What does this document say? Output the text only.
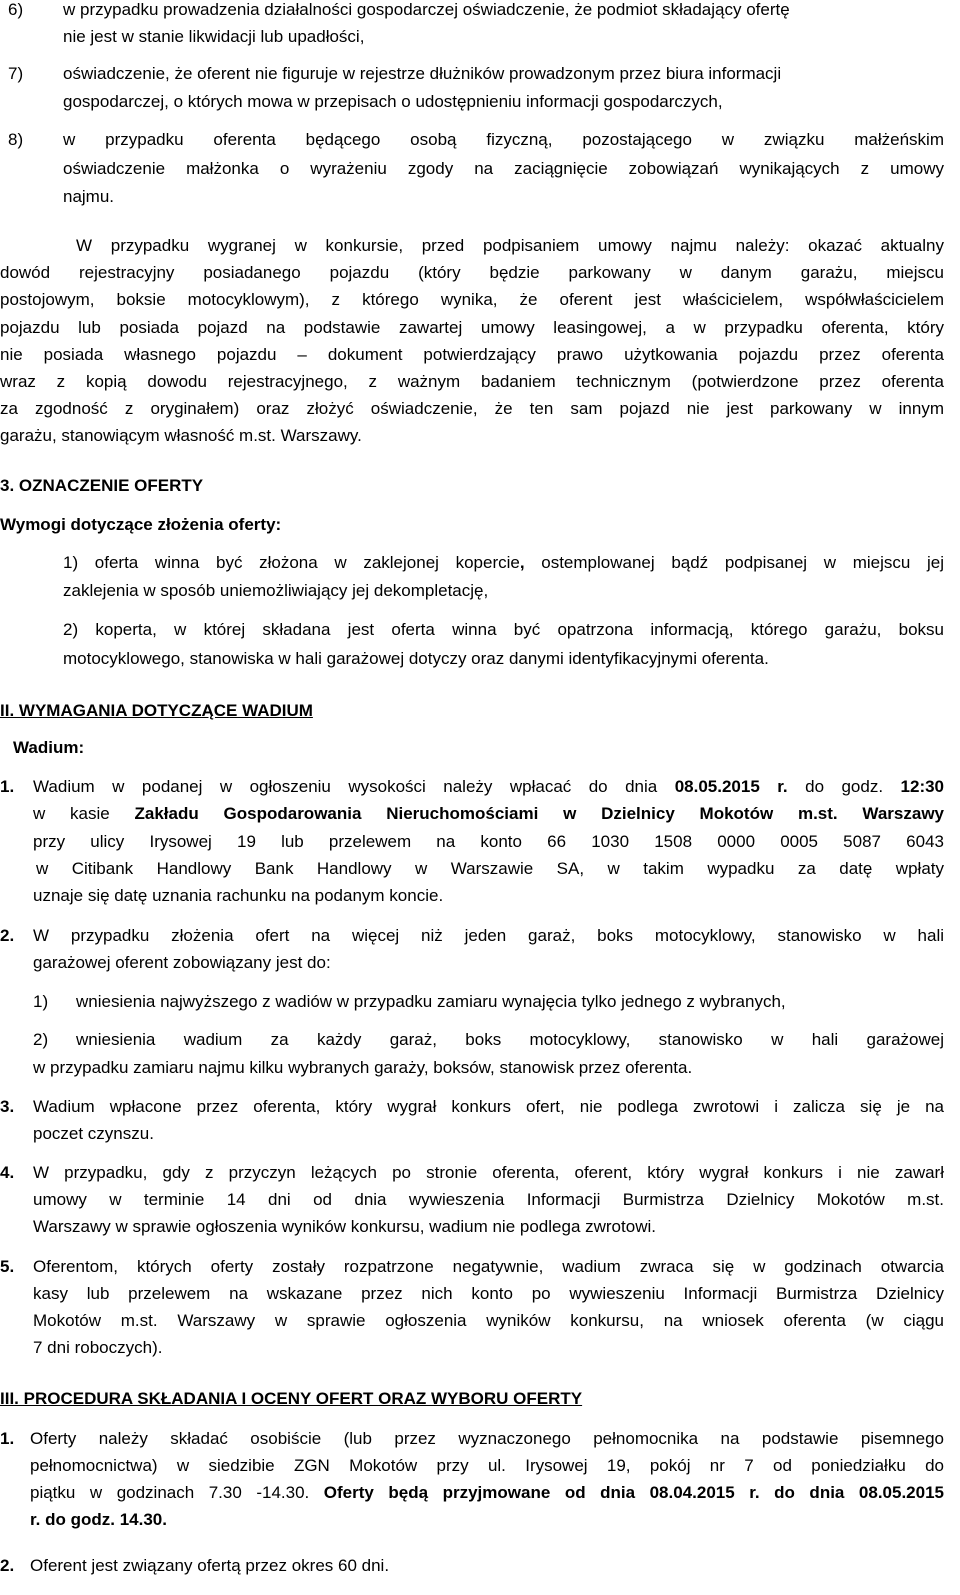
6) w przypadku prowadzenia działalności gospodarczej oświadczenie, że podmiot składający ofertę
nie jest w stanie likwidacji lub upadłości,
7) oświadczenie, że oferent nie figuruje w rejestrze dłużników prowadzonym przez biura informacji
gospodarczej, o których mowa w przepisach o udostępnieniu informacji gospodarczych,
8) w przypadku oferenta będącego osobą fizyczną, pozostającego w związku małżeńskim
oświadczenie małżonka o wyrażeniu zgody na zaciągnięcie zobowiązań wynikających z umowy
najmu.
W przypadku wygranej w konkursie, przed podpisaniem umowy najmu należy: okazać aktualny
dowód rejestracyjny posiadanego pojazdu (który będzie parkowany w danym garażu, miejscu
postojowym, boksie motocyklowym), z którego wynika, że oferent jest właścicielem, współwłaścicielem
pojazdu lub posiada pojazd na podstawie zawartej umowy leasingowej, a w przypadku oferenta, który
nie posiada własnego pojazdu – dokument potwierdzający prawo użytkowania pojazdu przez oferenta
wraz z kopią dowodu rejestracyjnego, z ważnym badaniem technicznym (potwierdzone przez oferenta
za zgodność z oryginałem) oraz złożyć oświadczenie, że ten sam pojazd nie jest parkowany w innym
garażu, stanowiącym własność m.st. Warszawy.
3. OZNACZENIE OFERTY
Wymogi dotyczące złożenia oferty:
1) oferta winna być złożona w zaklejonej kopercie, ostemplowanej bądź podpisanej w miejscu jej
zaklejenia w sposób uniemożliwiający jej dekompletację,
2) koperta, w której składana jest oferta winna być opatrzona informacją, którego garażu, boksu
motocyklowego, stanowiska w hali garażowej dotyczy oraz danymi identyfikacyjnymi oferenta.
II. WYMAGANIA DOTYCZĄCE WADIUM
Wadium:
1. Wadium w podanej w ogłoszeniu wysokości należy wpłacać do dnia 08.05.2015 r. do godz. 12:30
w kasie Zakładu Gospodarowania Nieruchomościami w Dzielnicy Mokotów m.st. Warszawy
przy ulicy Irysowej 19 lub przelewem na konto 66 1030 1508 0000 0005 5087 6043
w Citibank Handlowy Bank Handlowy w Warszawie SA, w takim wypadku za datę wpłaty
uznaje się datę uznania rachunku na podanym koncie.
2. W przypadku złożenia ofert na więcej niż jeden garaż, boks motocyklowy, stanowisko w hali
garażowej oferent zobowiązany jest do:
1) wniesienia najwyższego z wadiów w przypadku zamiaru wynajęcia tylko jednego z wybranych,
2) wniesienia wadium za każdy garaż, boks motocyklowy, stanowisko w hali garażowej
w przypadku zamiaru najmu kilku wybranych garaży, boksów, stanowisk przez oferenta.
3. Wadium wpłacone przez oferenta, który wygrał konkurs ofert, nie podlega zwrotowi i zalicza się je na
poczet czynszu.
4. W przypadku, gdy z przyczyn leżących po stronie oferenta, oferent, który wygrał konkurs i nie zawarł
umowy w terminie 14 dni od dnia wywieszenia Informacji Burmistrza Dzielnicy Mokotów m.st.
Warszawy w sprawie ogłoszenia wyników konkursu, wadium nie podlega zwrotowi.
5. Oferentom, których oferty zostały rozpatrzone negatywnie, wadium zwraca się w godzinach otwarcia
kasy lub przelewem na wskazane przez nich konto po wywieszeniu Informacji Burmistrza Dzielnicy
Mokotów m.st. Warszawy w sprawie ogłoszenia wyników konkursu, na wniosek oferenta (w ciągu
7 dni roboczych).
III. PROCEDURA SKŁADANIA I OCENY OFERT ORAZ WYBORU OFERTY
1. Oferty należy składać osobiście (lub przez wyznaczonego pełnomocnika na podstawie pisemnego
pełnomocnictwa) w siedzibie ZGN Mokotów przy ul. Irysowej 19, pokój nr 7 od poniedziałku do
piątku w godzinach 7.30 -14.30. Oferty będą przyjmowane od dnia 08.04.2015 r. do dnia 08.05.2015
r. do godz. 14.30.
2. Oferent jest związany ofertą przez okres 60 dni.
